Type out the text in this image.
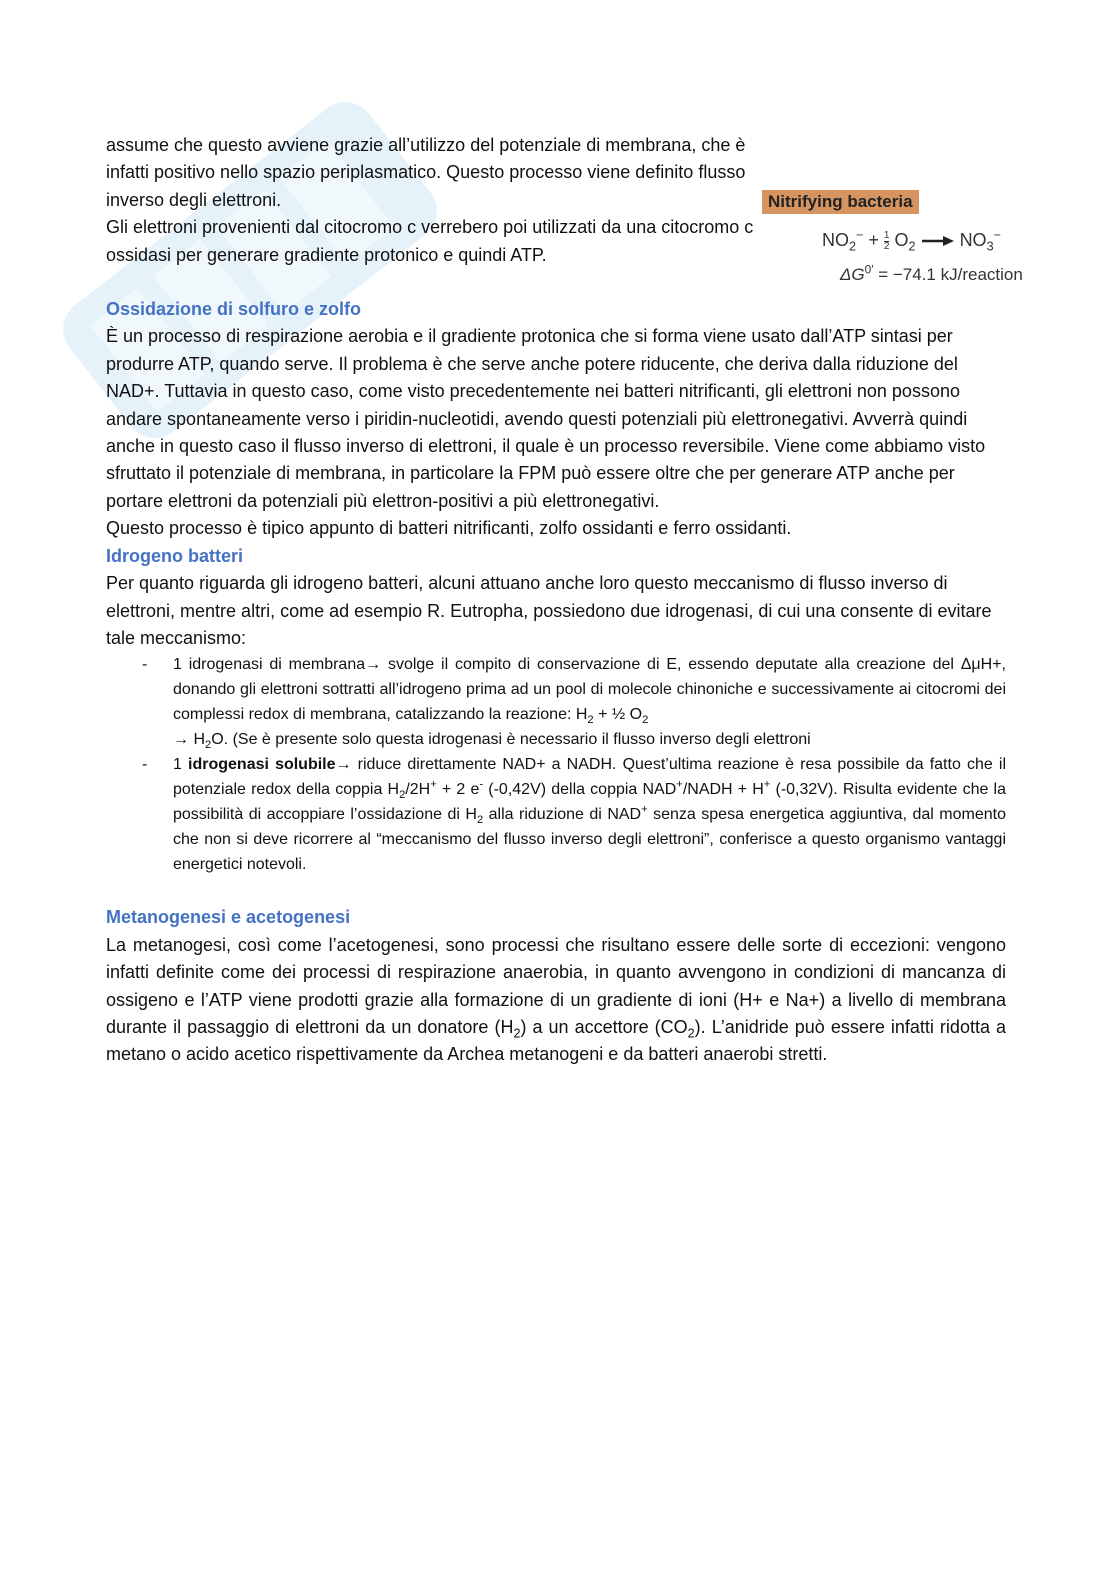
assume che questo avviene grazie all’utilizzo del potenziale di membrana, che è infatti positivo nello spazio periplasmatico. Questo processo viene definito flusso inverso degli elettroni.

Gli elettroni provenienti dal citocromo c verrebero poi utilizzati da una citocromo c ossidasi per generare gradiente protonico e quindi ATP.

Ossidazione di solfuro e zolfo

È un processo di respirazione aerobia e il gradiente protonica che si forma viene usato dall’ATP sintasi per produrre ATP, quando serve. Il problema è che serve anche potere riducente, che deriva dalla riduzione del NAD+. Tuttavia in questo caso, come visto precedentemente nei batteri nitrificanti, gli elettroni non possono andare spontaneamente verso i piridin-nucleotidi, avendo questi potenziali più elettronegativi. Avverrà quindi anche in questo caso il flusso inverso di elettroni, il quale è un processo reversibile. Viene come abbiamo visto sfruttato il potenziale di membrana, in particolare la FPM può essere oltre che per generare ATP anche per portare elettroni da potenziali più elettron-positivi a più elettronegativi.

Questo processo è tipico appunto di batteri nitrificanti, zolfo ossidanti e ferro ossidanti.

Idrogeno batteri

Per quanto riguarda gli idrogeno batteri, alcuni attuano anche loro questo meccanismo di flusso inverso di elettroni, mentre altri, come ad esempio R. Eutropha, possiedono due idrogenasi, di cui una consente di evitare tale meccanismo:

- 1 idrogenasi di membrana→ svolge il compito di conservazione di E, essendo deputate alla creazione del ΔμH+, donando gli elettroni sottratti all’idrogeno prima ad un pool di molecole chinoniche e successivamente ai citocromi dei complessi redox di membrana, catalizzando la reazione: $H_2$ + ½ $O_2$
→ $H_2O$. (Se è presente solo questa idrogenasi è necessario il flusso inverso degli elettroni
- 1 idrogenasi solubile→ riduce direttamente NAD+ a NADH. Quest’ultima reazione è resa possibile da fatto che il potenziale redox della coppia $H_2/2H^+ + 2$ e- (-0,42V) della coppia NAD+/NADH + H+ (-0,32V). Risulta evidente che la possibilità di accoppiare l’ossidazione di $H_2$ alla riduzione di NAD+ senza spesa energetica aggiuntiva, dal momento che non si deve ricorrere al “meccanismo del flusso inverso degli elettroni”, conferisce a questo organismo vantaggi energetici notevoli.
Metanogenesi e acetogenesi

La metanogesi, così come l’acetogenesi, sono processi che risultano essere delle sorte di eccezioni: vengono infatti definite come dei processi di respirazione anaerobia, in quanto avvengono in condizioni di mancanza di ossigeno e l’ATP viene prodotti grazie alla formazione di un gradiente di ioni (H+ e Na+) a livello di membrana durante il passaggio di elettroni da un donatore $(H_2)$ a un accettore $(CO_2)$. L’anidride può essere infatti ridotta a metano o acido acetico rispettivamente da Archea metanogeni e da batteri anaerobi stretti.

Nitrifying bacteria
$NO_2^- + \frac{1}{2} O_2 \to NO_3^-$
$\Delta G^{0'} = -74.1$ kJ/reaction
